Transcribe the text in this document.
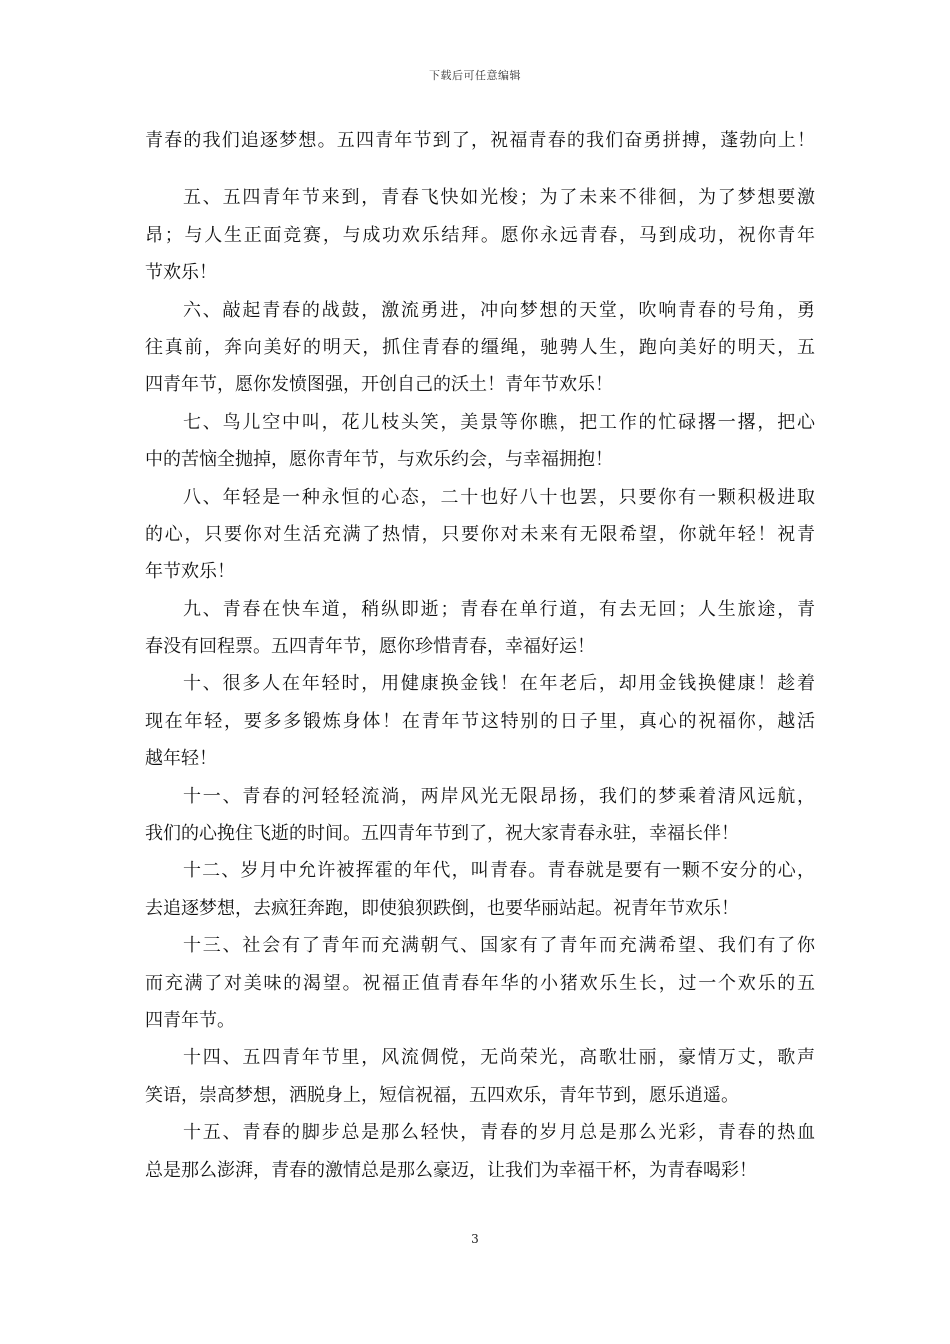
下载后可任意编辑
青春的我们追逐梦想。五四青年节到了，祝福青春的我们奋勇拼搏，蓬勃向上！
五、五四青年节来到，青春飞快如光梭；为了未来不徘徊，为了梦想要激
昂；与人生正面竞赛，与成功欢乐结拜。愿你永远青春，马到成功，祝你青年
节欢乐！
六、敲起青春的战鼓，激流勇进，冲向梦想的天堂，吹响青春的号角，勇
往真前，奔向美好的明天，抓住青春的缰绳，驰骋人生，跑向美好的明天，五
四青年节，愿你发愤图强，开创自己的沃土！青年节欢乐！
七、鸟儿空中叫，花儿枝头笑，美景等你瞧，把工作的忙碌撂一撂，把心
中的苦恼全抛掉，愿你青年节，与欢乐约会，与幸福拥抱！
八、年轻是一种永恒的心态，二十也好八十也罢，只要你有一颗积极进取
的心，只要你对生活充满了热情，只要你对未来有无限希望，你就年轻！祝青
年节欢乐！
九、青春在快车道，稍纵即逝；青春在单行道，有去无回；人生旅途，青
春没有回程票。五四青年节，愿你珍惜青春，幸福好运！
十、很多人在年轻时，用健康换金钱！在年老后，却用金钱换健康！趁着
现在年轻，要多多锻炼身体！在青年节这特别的日子里，真心的祝福你，越活
越年轻！
十一、青春的河轻轻流淌，两岸风光无限昂扬，我们的梦乘着清风远航，
我们的心挽住飞逝的时间。五四青年节到了，祝大家青春永驻，幸福长伴！
十二、岁月中允许被挥霍的年代，叫青春。青春就是要有一颗不安分的心，
去追逐梦想，去疯狂奔跑，即使狼狈跌倒，也要华丽站起。祝青年节欢乐！
十三、社会有了青年而充满朝气、国家有了青年而充满希望、我们有了你
而充满了对美味的渴望。祝福正值青春年华的小猪欢乐生长，过一个欢乐的五
四青年节。
十四、五四青年节里，风流倜傥，无尚荣光，高歌壮丽，豪情万丈，歌声
笑语，崇高梦想，洒脱身上，短信祝福，五四欢乐，青年节到，愿乐逍遥。
十五、青春的脚步总是那么轻快，青春的岁月总是那么光彩，青春的热血
总是那么澎湃，青春的激情总是那么豪迈，让我们为幸福干杯，为青春喝彩！
3
